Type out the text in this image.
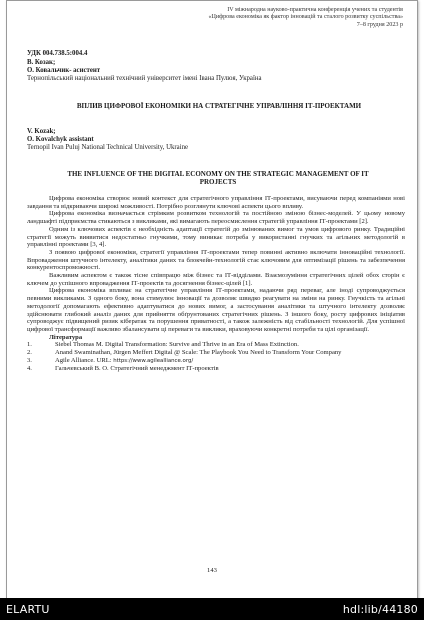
IV міжнародна науково-практична конференція учених та студентів
«Цифрова економіка як фактор інновацій та сталого розвитку суспільства»
7–8 грудня 2023 р
УДК 004.738.5:004.4
В. Козак;
О. Ковальчик- асистент
Тернопільський національний технічний університет імені Івана Пулюя, Україна
ВПЛИВ ЦИФРОВОЇ ЕКОНОМІКИ НА СТРАТЕГІЧНЕ УПРАВЛІННЯ ІТ-ПРОЕКТАМИ
V. Kozak;
O. Kovalchyk assistant
Ternopil Ivan Puluj National Technical University, Ukraine
THE INFLUENCE OF THE DIGITAL ECONOMY ON THE STRATEGIC MANAGEMENT OF IT PROJECTS

Цифрова економіка створює новий контекст для стратегічного управління ІТ-проектами, висуваючи перед компаніями нові завдання та відкриваючи широкі можливості. Потрібно розглянути ключові аспекти цього впливу.

Цифрова економіка визначається стрімким розвитком технологій та постійною зміною бізнес-моделей. У цьому новому ландшафті підприємства стикаються з викликами, які вимагають переосмислення стратегій управління ІТ-проектами [2].

Одним із ключових аспектів є необхідність адаптації стратегій до змінюваних вимог та умов цифрового ринку. Традиційні стратегії можуть виявитися недостатньо гнучкими, тому виникає потреба у використанні гнучких та агільних методологій в управлінні проектами [3, 4].

З появою цифрової економіки, стратегії управління ІТ-проектами тепер повинні активно включати інноваційні технології. Впровадження штучного інтелекту, аналітики даних та блокчейн-технологій стає ключовим для оптимізації рішень та забезпечення конкурентоспроможності.

Важливим аспектом є також тісне співпрацю між бізнес та ІТ-відділами. Взаємозуміння стратегічних цілей обох сторін є ключем до успішного впровадження ІТ-проектів та досягнення бізнес-цілей [1].

Цифрова економіка впливає на стратегічне управління ІТ-проектами, надаючи ряд переваг, але іноді супроводжується певними викликами. З одного боку, вона стимулює інновації та дозволяє швидко реагувати на зміни на ринку. Гнучкість та агільні методології допомагають ефективно адаптуватися до нових вимог, а застосування аналітики та штучного інтелекту дозволяє здійснювати глибокий аналіз даних для прийняття обґрунтованих стратегічних рішень. З іншого боку, росту цифрових ініціатив супроводжує підвищений ризик кібератак та порушення приватності, а також залежність від стабільності технологій. Для успішної цифрової трансформації важливо збалансувати ці переваги та виклики, враховуючи конкретні потреби та цілі організації.

Література
1.	Siebel Thomas M. Digital Transformation: Survive and Thrive in an Era of Mass Extinction.
2.	Anand Swaminathan, Jürgen Meffert Digital @ Scale: The Playbook You Need to Transform Your Company
3.	Agile Alliance. URL: https://www.agilealliance.org/
4.	Гальчевський В. О. Стратегічний менеджмент ІТ-проектів
143
ELARTU	hdl:lib/44180
